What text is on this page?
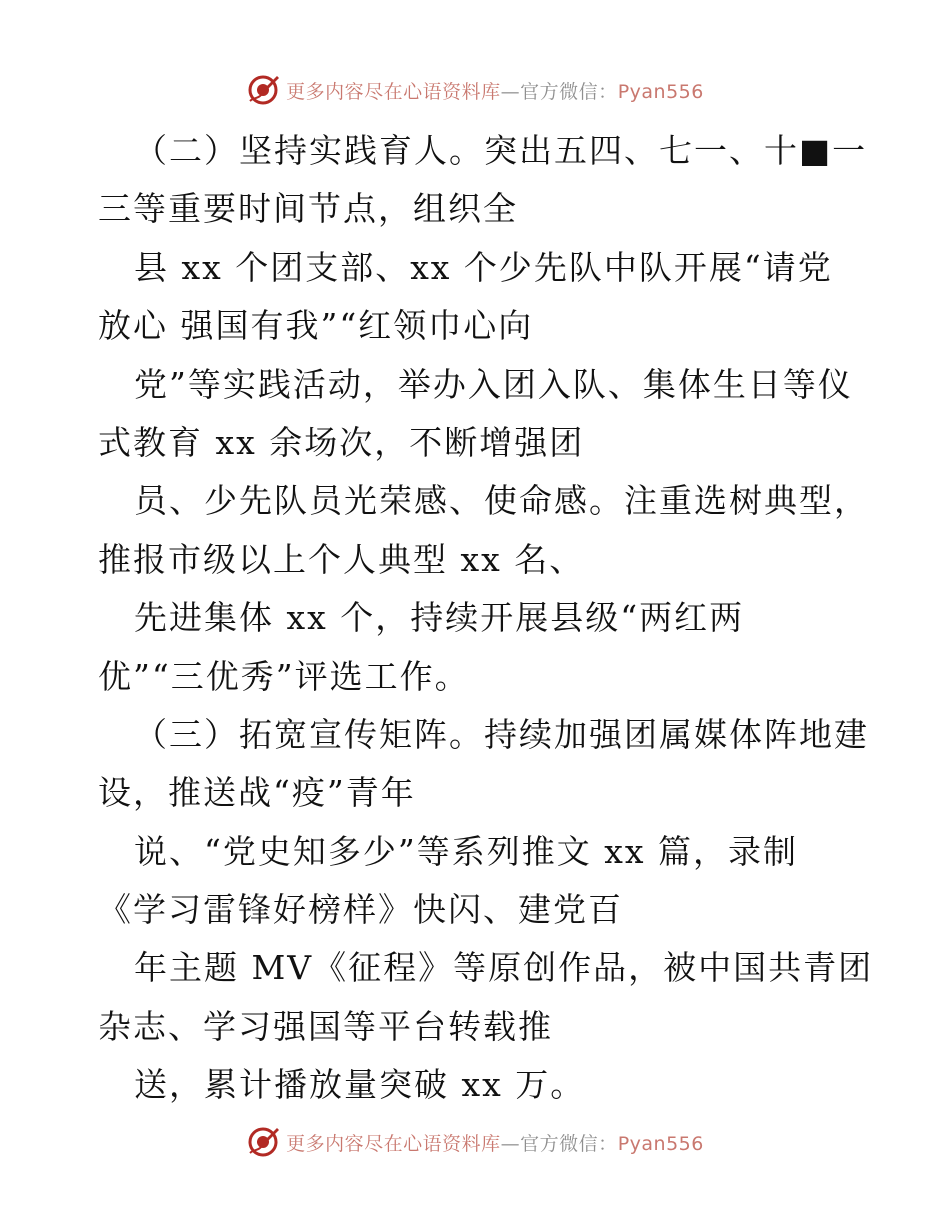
更多内容尽在心语资料库—官方微信：Pyan556
（二）坚持实践育人。突出五四、七一、十■一
三等重要时间节点，组织全
县 xx 个团支部、xx 个少先队中队开展“请党
放心 强国有我”“红领巾心向
党”等实践活动，举办入团入队、集体生日等仪
式教育 xx 余场次，不断增强团
员、少先队员光荣感、使命感。注重选树典型，
推报市级以上个人典型 xx 名、
先进集体 xx 个，持续开展县级“两红两
优”“三优秀”评选工作。
（三）拓宽宣传矩阵。持续加强团属媒体阵地建
设，推送战“疫”青年
说、“党史知多少”等系列推文 xx 篇，录制
《学习雷锋好榜样》快闪、建党百
年主题 MV《征程》等原创作品，被中国共青团
杂志、学习强国等平台转载推
送，累计播放量突破 xx 万。
更多内容尽在心语资料库—官方微信：Pyan556
